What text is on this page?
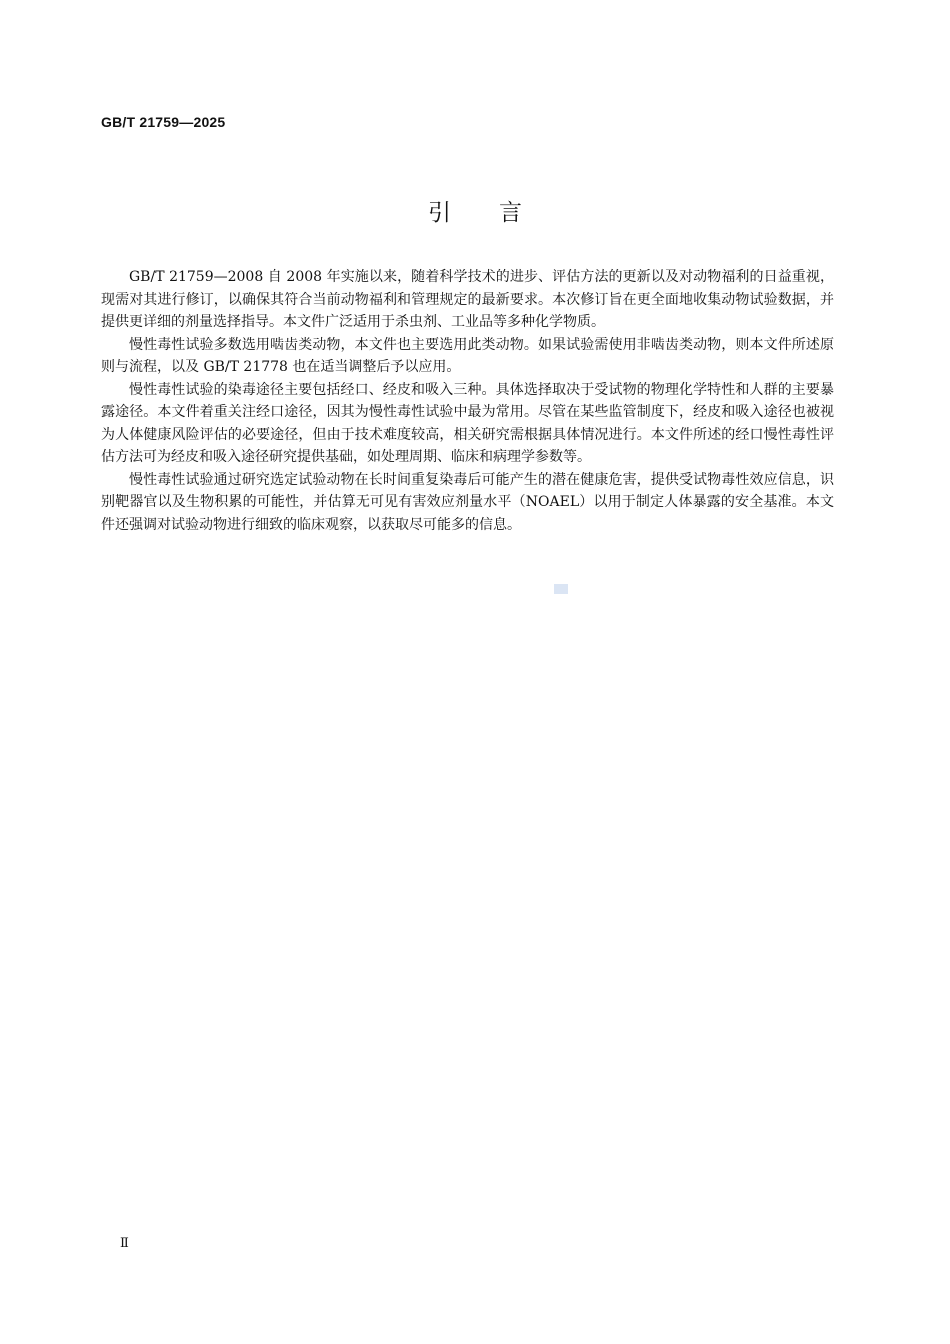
GB/T 21759—2025
引 言

GB/T 21759—2008 自 2008 年实施以来，随着科学技术的进步、评估方法的更新以及对动物福利的日益重视，现需对其进行修订，以确保其符合当前动物福利和管理规定的最新要求。本次修订旨在更全面地收集动物试验数据，并提供更详细的剂量选择指导。本文件广泛适用于杀虫剂、工业品等多种化学物质。

慢性毒性试验多数选用啮齿类动物，本文件也主要选用此类动物。如果试验需使用非啮齿类动物，则本文件所述原则与流程，以及 GB/T 21778 也在适当调整后予以应用。

慢性毒性试验的染毒途径主要包括经口、经皮和吸入三种。具体选择取决于受试物的物理化学特性和人群的主要暴露途径。本文件着重关注经口途径，因其为慢性毒性试验中最为常用。尽管在某些监管制度下，经皮和吸入途径也被视为人体健康风险评估的必要途径，但由于技术难度较高，相关研究需根据具体情况进行。本文件所述的经口慢性毒性评估方法可为经皮和吸入途径研究提供基础，如处理周期、临床和病理学参数等。

慢性毒性试验通过研究选定试验动物在长时间重复染毒后可能产生的潜在健康危害，提供受试物毒性效应信息，识别靶器官以及生物积累的可能性，并估算无可见有害效应剂量水平（NOAEL）以用于制定人体暴露的安全基准。本文件还强调对试验动物进行细致的临床观察，以获取尽可能多的信息。

Ⅱ
